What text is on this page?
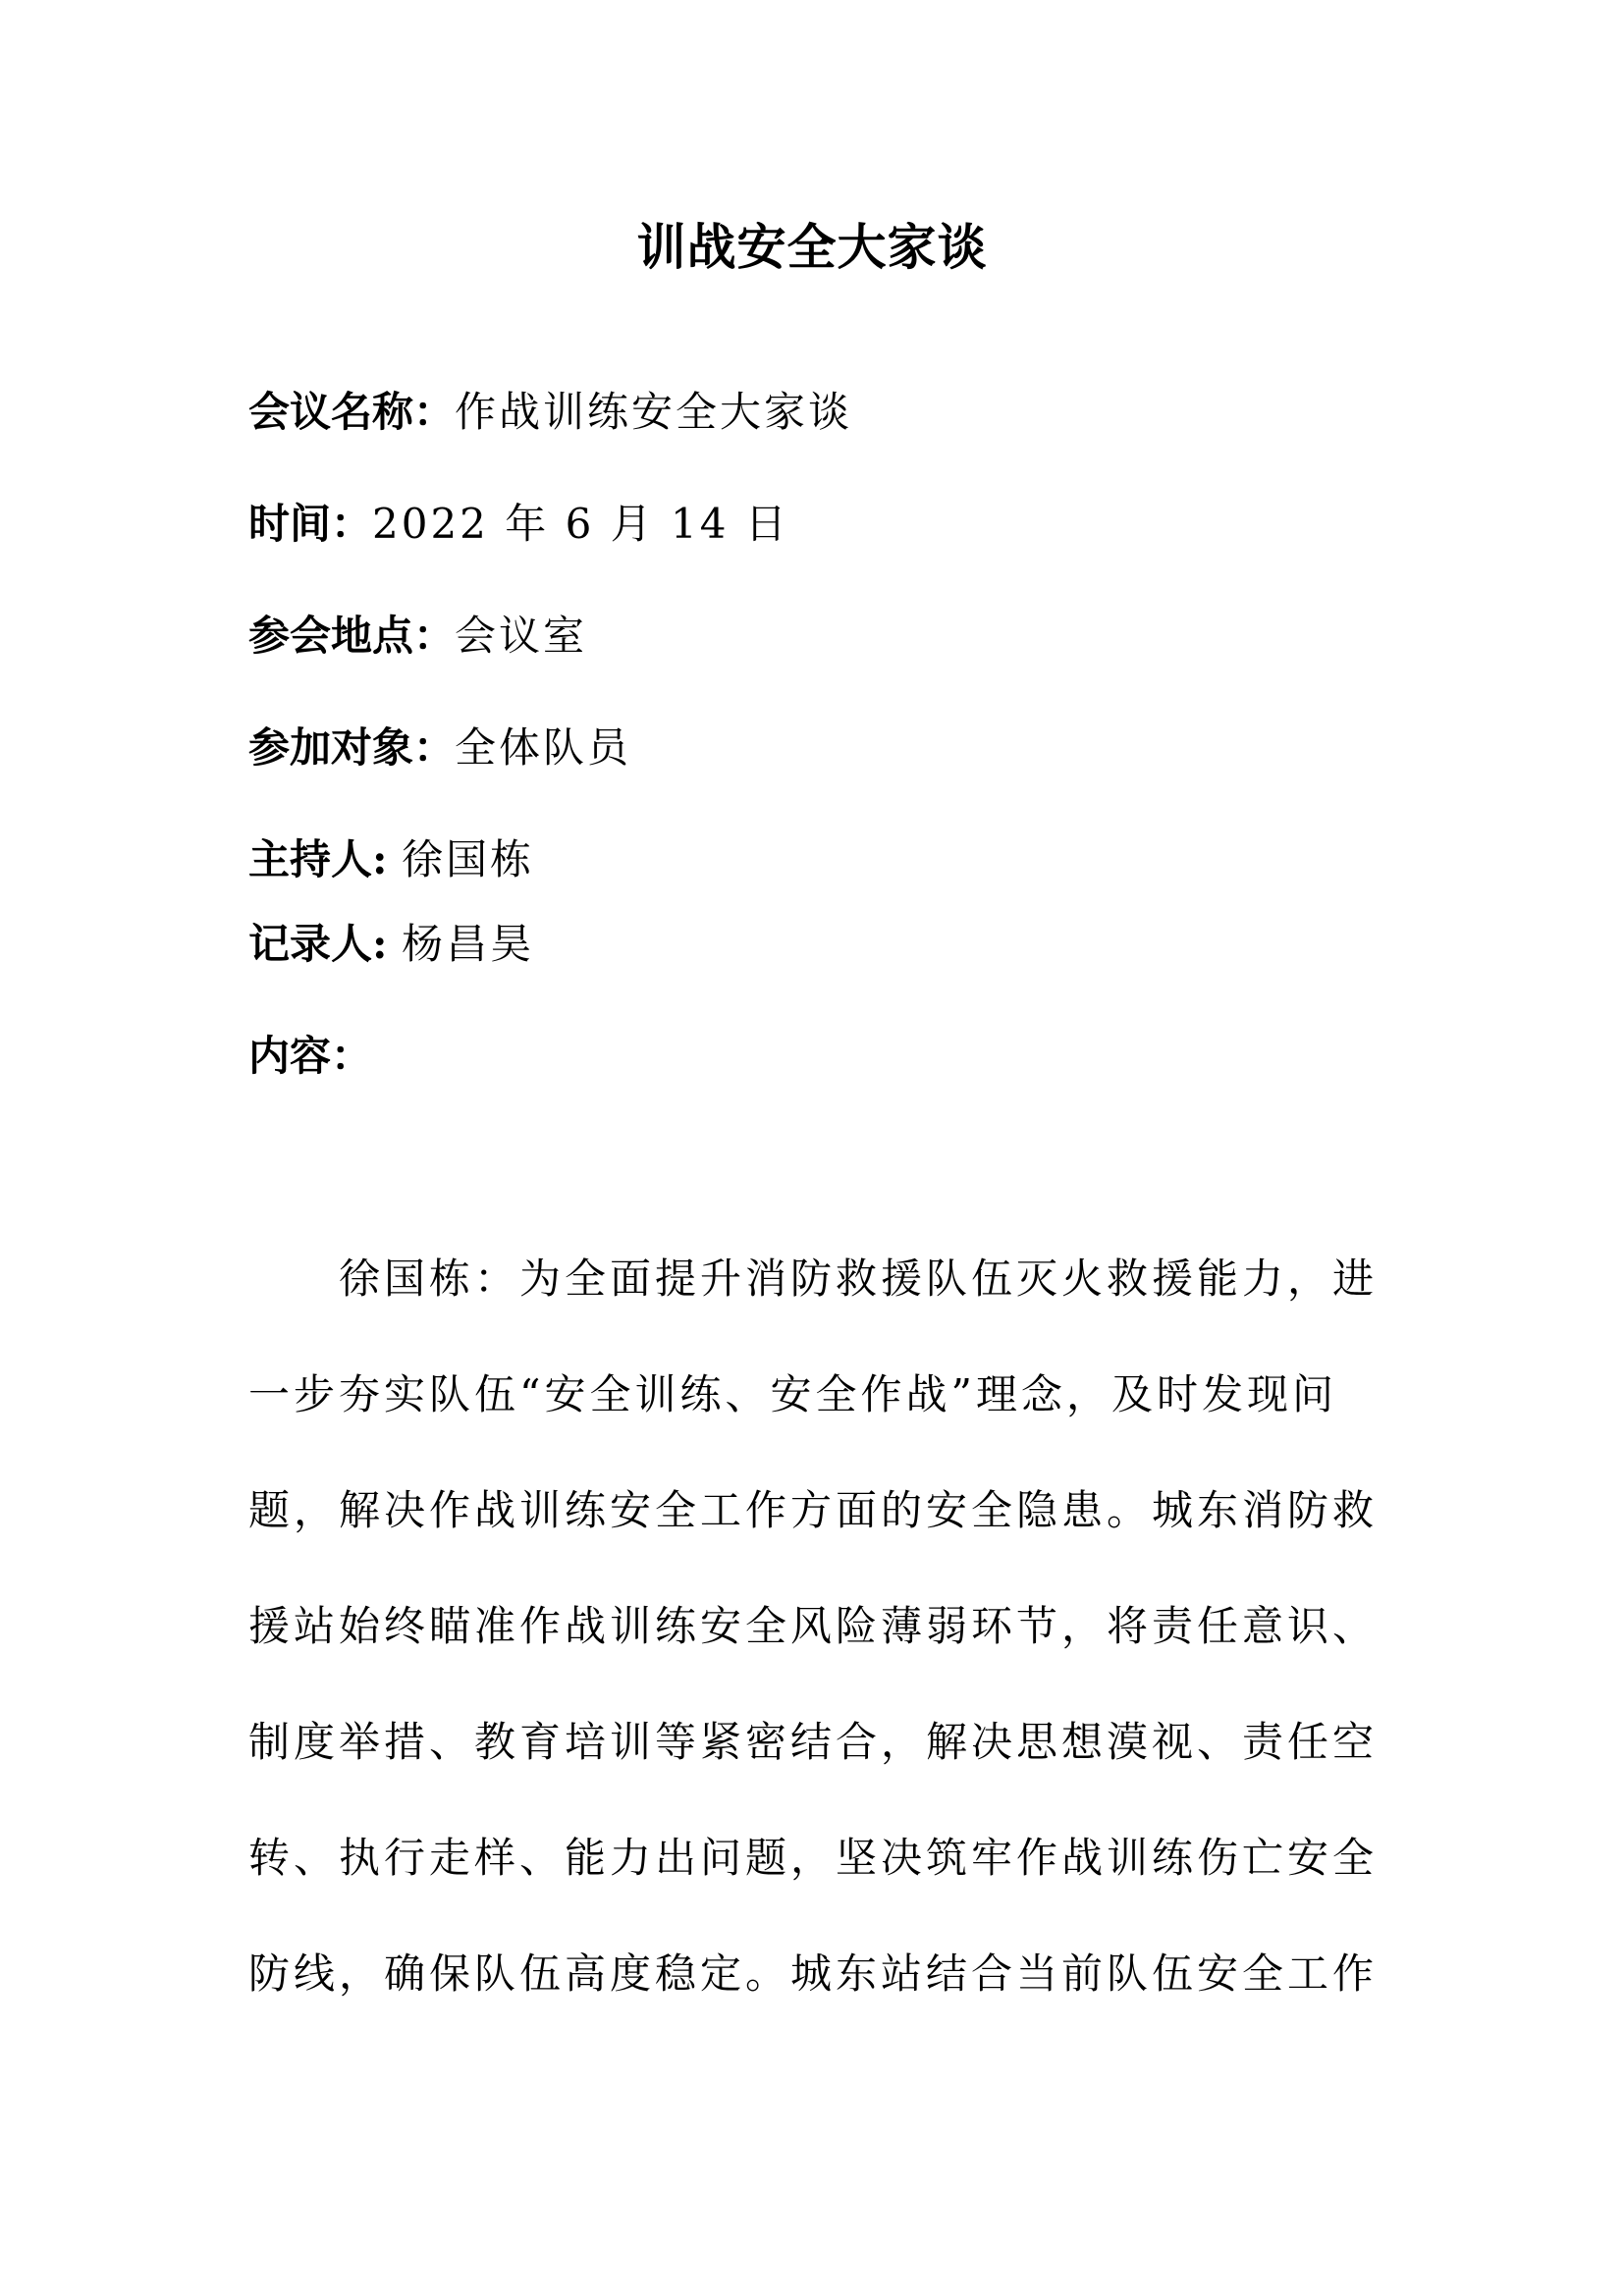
训战安全大家谈
会议名称：作战训练安全大家谈
时间：2022 年 6 月 14 日
参会地点：会议室
参加对象：全体队员
主持人: 徐国栋
记录人: 杨昌昊
内容：
徐国栋：为全面提升消防救援队伍灭火救援能力，进
一步夯实队伍“安全训练、安全作战”理念，及时发现问
题，解决作战训练安全工作方面的安全隐患。城东消防救
援站始终瞄准作战训练安全风险薄弱环节，将责任意识、
制度举措、教育培训等紧密结合，解决思想漠视、责任空
转、执行走样、能力出问题，坚决筑牢作战训练伤亡安全
防线，确保队伍高度稳定。城东站结合当前队伍安全工作
